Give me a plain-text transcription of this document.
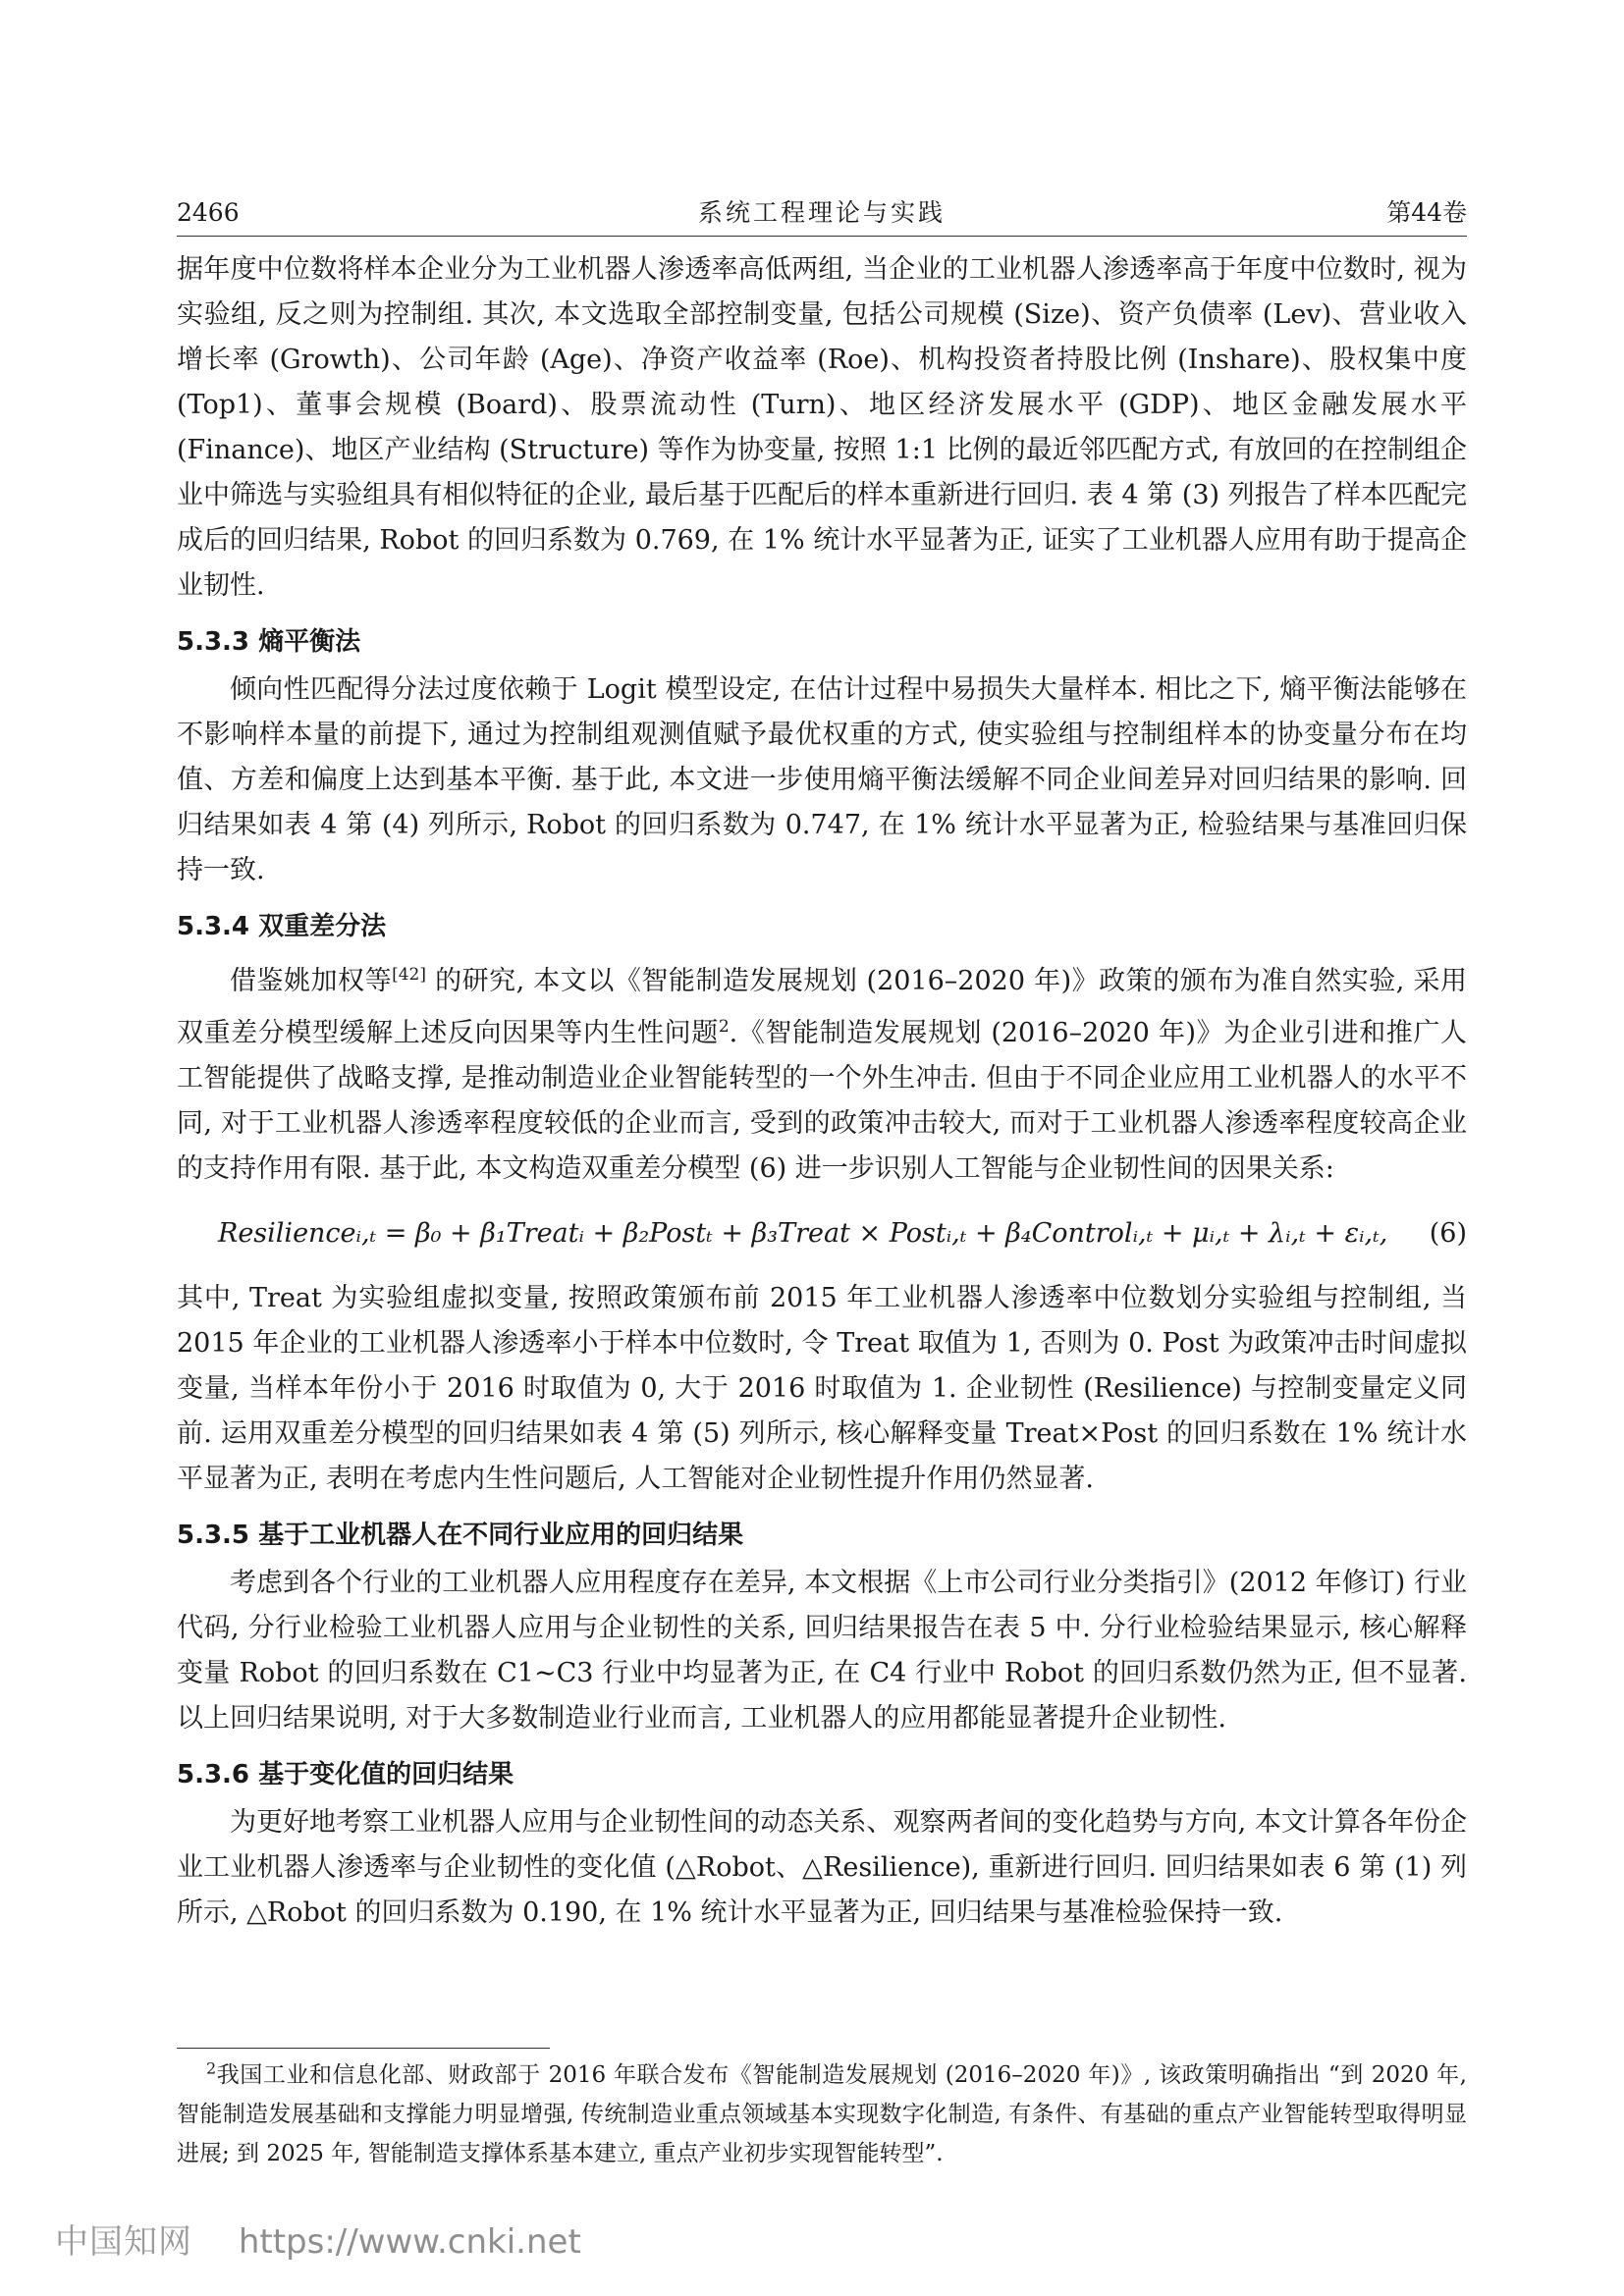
2466	系统工程理论与实践	第44卷

据年度中位数将样本企业分为工业机器人渗透率高低两组, 当企业的工业机器人渗透率高于年度中位数时, 视为实验组, 反之则为控制组. 其次, 本文选取全部控制变量, 包括公司规模 (Size)、资产负债率 (Lev)、营业收入增长率 (Growth)、公司年龄 (Age)、净资产收益率 (Roe)、机构投资者持股比例 (Inshare)、股权集中度 (Top1)、董事会规模 (Board)、股票流动性 (Turn)、地区经济发展水平 (GDP)、地区金融发展水平 (Finance)、地区产业结构 (Structure) 等作为协变量, 按照 1:1 比例的最近邻匹配方式, 有放回的在控制组企业中筛选与实验组具有相似特征的企业, 最后基于匹配后的样本重新进行回归. 表 4 第 (3) 列报告了样本匹配完成后的回归结果, Robot 的回归系数为 0.769, 在 1% 统计水平显著为正, 证实了工业机器人应用有助于提高企业韧性.

5.3.3 熵平衡法

倾向性匹配得分法过度依赖于 Logit 模型设定, 在估计过程中易损失大量样本. 相比之下, 熵平衡法能够在不影响样本量的前提下, 通过为控制组观测值赋予最优权重的方式, 使实验组与控制组样本的协变量分布在均值、方差和偏度上达到基本平衡. 基于此, 本文进一步使用熵平衡法缓解不同企业间差异对回归结果的影响. 回归结果如表 4 第 (4) 列所示, Robot 的回归系数为 0.747, 在 1% 统计水平显著为正, 检验结果与基准回归保持一致.

5.3.4 双重差分法

借鉴姚加权等[42] 的研究, 本文以《智能制造发展规划 (2016–2020 年)》政策的颁布为准自然实验, 采用双重差分模型缓解上述反向因果等内生性问题$^2$.《智能制造发展规划 (2016–2020 年)》为企业引进和推广人工智能提供了战略支撑, 是推动制造业企业智能转型的一个外生冲击. 但由于不同企业应用工业机器人的水平不同, 对于工业机器人渗透率程度较低的企业而言, 受到的政策冲击较大, 而对于工业机器人渗透率程度较高企业的支持作用有限. 基于此, 本文构造双重差分模型 (6) 进一步识别人工智能与企业韧性间的因果关系:

Resilienceᵢ,ₜ = β₀ + β₁Treatᵢ + β₂Postₜ + β₃Treat × Postᵢ,ₜ + β₄Controlᵢ,ₜ + μᵢ,ₜ + λᵢ,ₜ + εᵢ,ₜ, (6)

其中, Treat 为实验组虚拟变量, 按照政策颁布前 2015 年工业机器人渗透率中位数划分实验组与控制组, 当 2015 年企业的工业机器人渗透率小于样本中位数时, 令 Treat 取值为 1, 否则为 0. Post 为政策冲击时间虚拟变量, 当样本年份小于 2016 时取值为 0, 大于 2016 时取值为 1. 企业韧性 (Resilience) 与控制变量定义同前. 运用双重差分模型的回归结果如表 4 第 (5) 列所示, 核心解释变量 Treat×Post 的回归系数在 1% 统计水平显著为正, 表明在考虑内生性问题后, 人工智能对企业韧性提升作用仍然显著.

5.3.5 基于工业机器人在不同行业应用的回归结果

考虑到各个行业的工业机器人应用程度存在差异, 本文根据《上市公司行业分类指引》(2012 年修订) 行业代码, 分行业检验工业机器人应用与企业韧性的关系, 回归结果报告在表 5 中. 分行业检验结果显示, 核心解释变量 Robot 的回归系数在 C1∼C3 行业中均显著为正, 在 C4 行业中 Robot 的回归系数仍然为正, 但不显著. 以上回归结果说明, 对于大多数制造业行业而言, 工业机器人的应用都能显著提升企业韧性.

5.3.6 基于变化值的回归结果

为更好地考察工业机器人应用与企业韧性间的动态关系、观察两者间的变化趋势与方向, 本文计算各年份企业工业机器人渗透率与企业韧性的变化值 (△Robot、△Resilience), 重新进行回归. 回归结果如表 6 第 (1) 列所示, △Robot 的回归系数为 0.190, 在 1% 统计水平显著为正, 回归结果与基准检验保持一致.

$^2$我国工业和信息化部、财政部于 2016 年联合发布《智能制造发展规划 (2016–2020 年)》, 该政策明确指出 “到 2020 年, 智能制造发展基础和支撑能力明显增强, 传统制造业重点领域基本实现数字化制造, 有条件、有基础的重点产业智能转型取得明显进展; 到 2025 年, 智能制造支撑体系基本建立, 重点产业初步实现智能转型”.
中国知网 https://www.cnki.net
